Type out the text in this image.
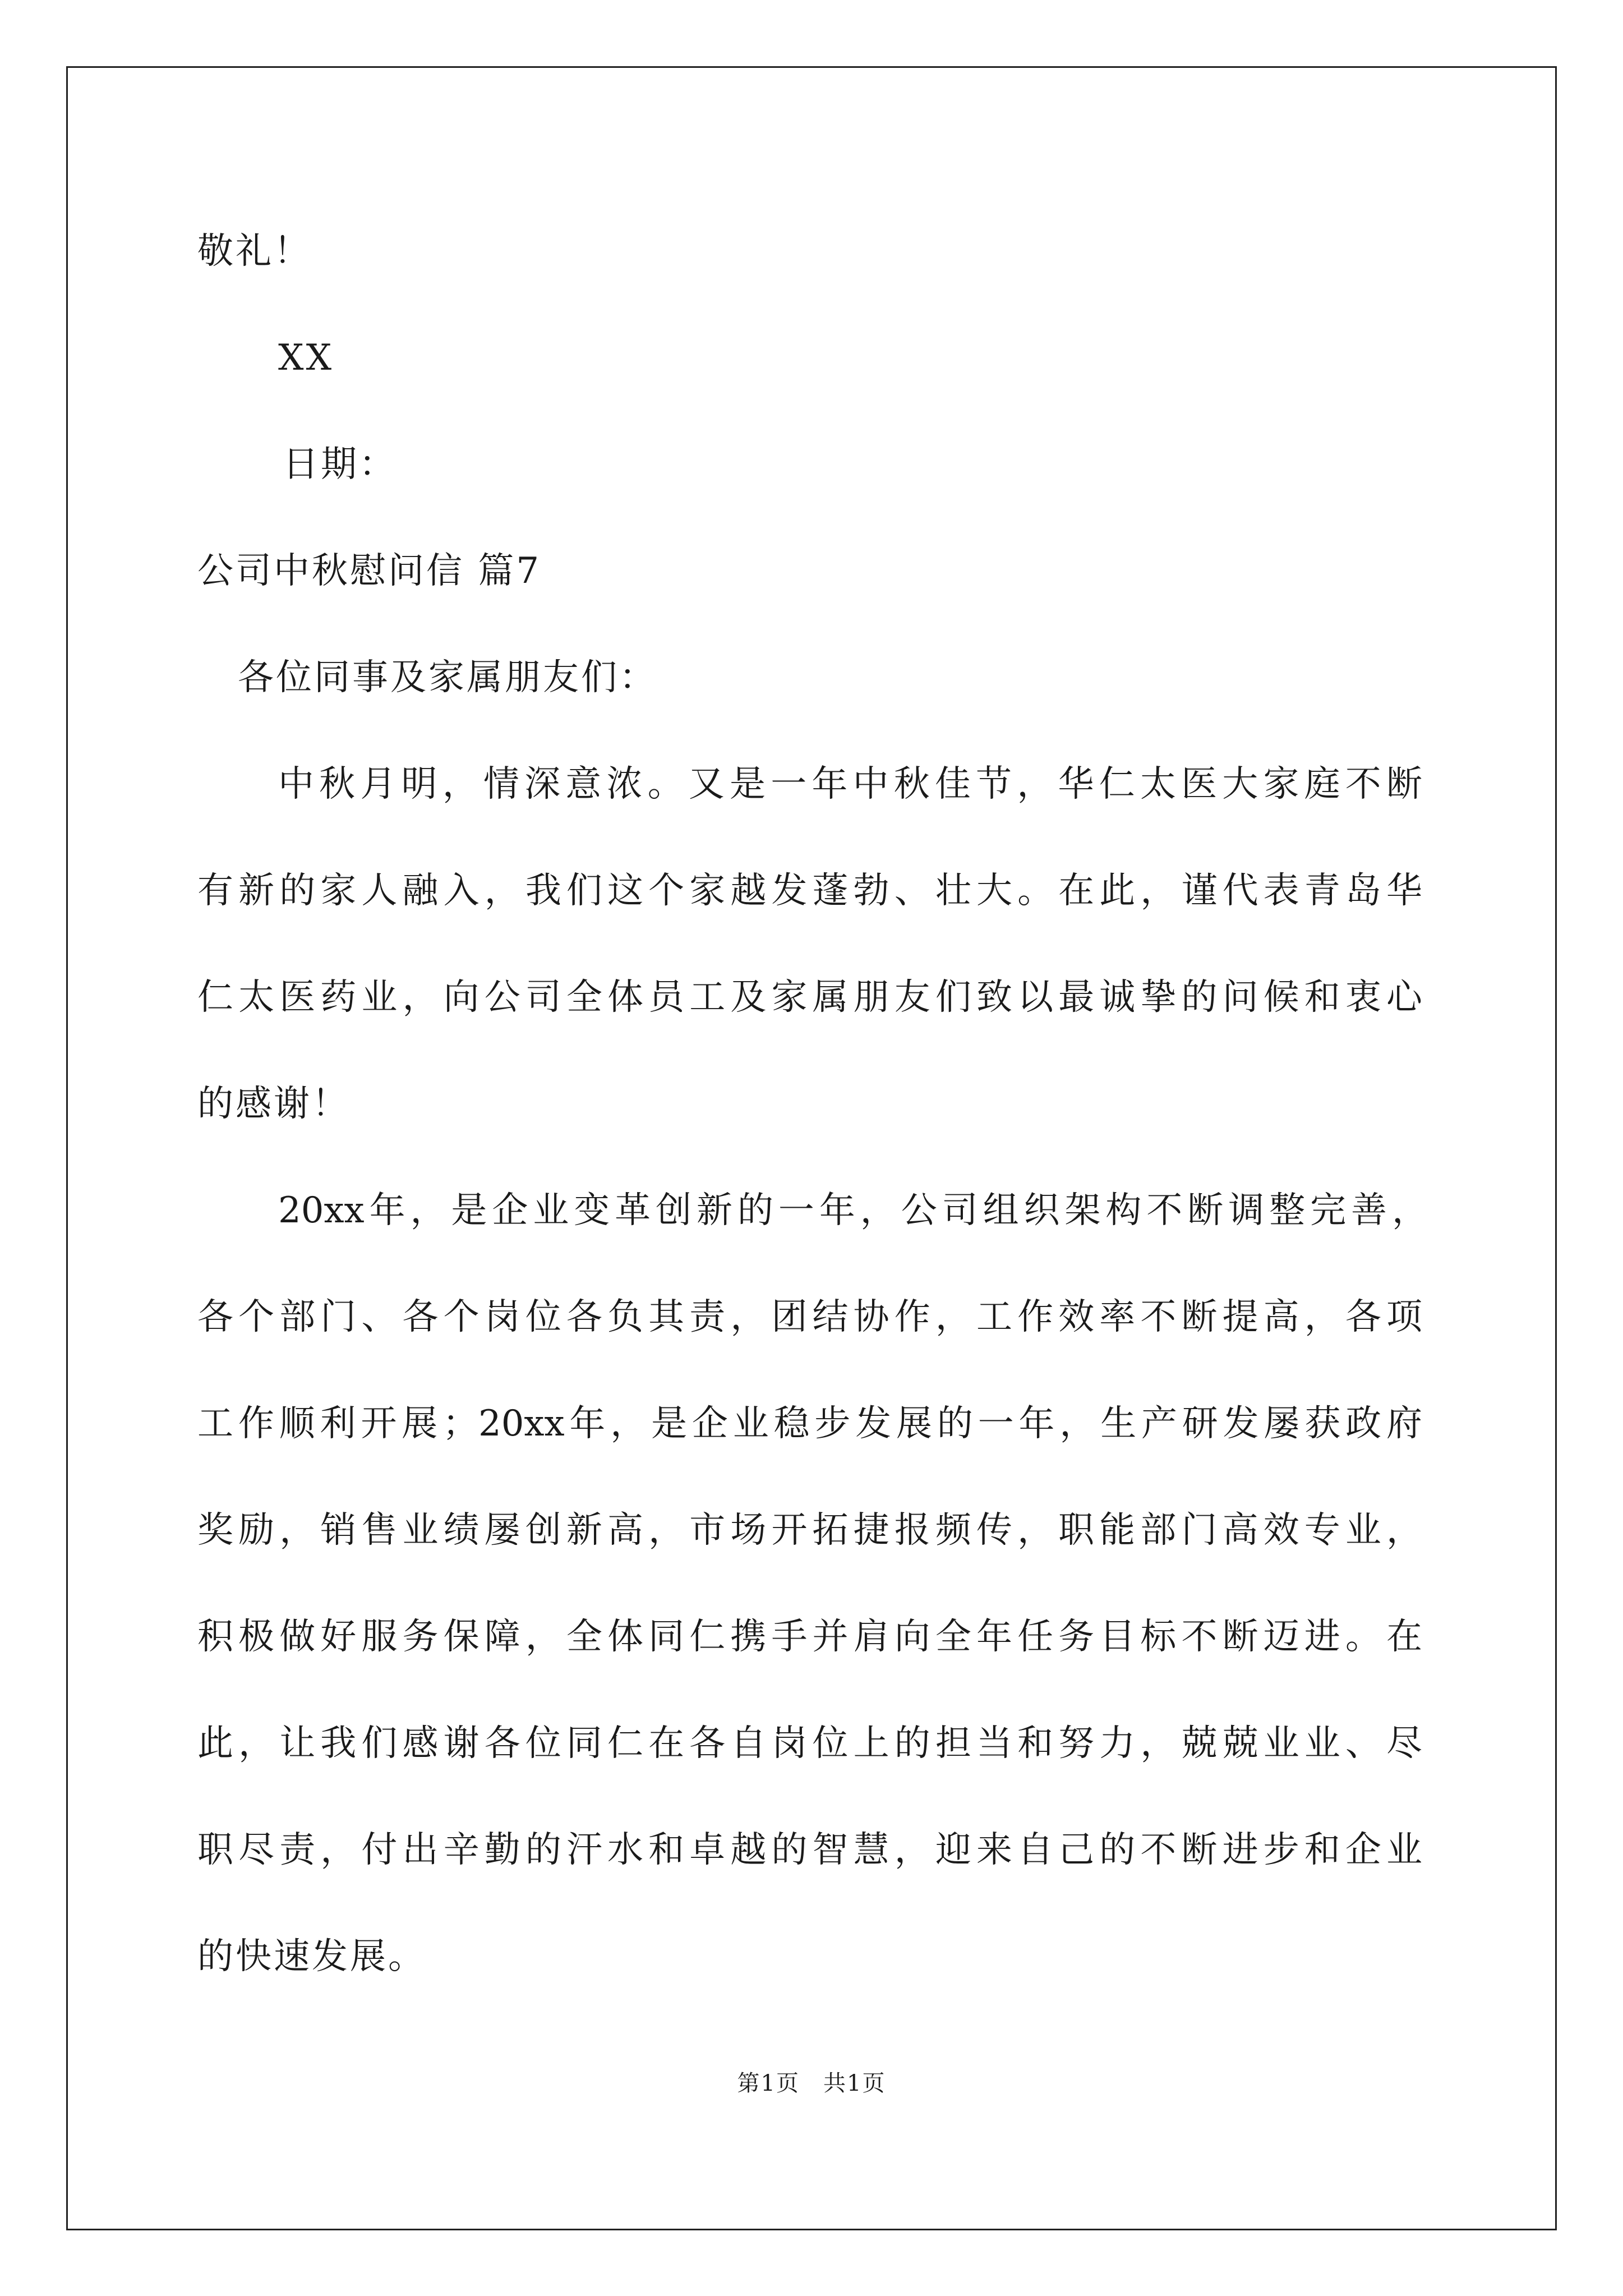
敬礼！
XX
日期：
公司中秋慰问信 篇7
各位同事及家属朋友们：
中秋月明，情深意浓。又是一年中秋佳节，华仁太医大家庭不断
有新的家人融入，我们这个家越发蓬勃、壮大。在此，谨代表青岛华
仁太医药业，向公司全体员工及家属朋友们致以最诚挚的问候和衷心
的感谢！
20xx年，是企业变革创新的一年，公司组织架构不断调整完善，
各个部门、各个岗位各负其责，团结协作，工作效率不断提高，各项
工作顺利开展；20xx年，是企业稳步发展的一年，生产研发屡获政府
奖励，销售业绩屡创新高，市场开拓捷报频传，职能部门高效专业，
积极做好服务保障，全体同仁携手并肩向全年任务目标不断迈进。在
此，让我们感谢各位同仁在各自岗位上的担当和努力，兢兢业业、尽
职尽责，付出辛勤的汗水和卓越的智慧，迎来自己的不断进步和企业
的快速发展。
第1页　共1页
